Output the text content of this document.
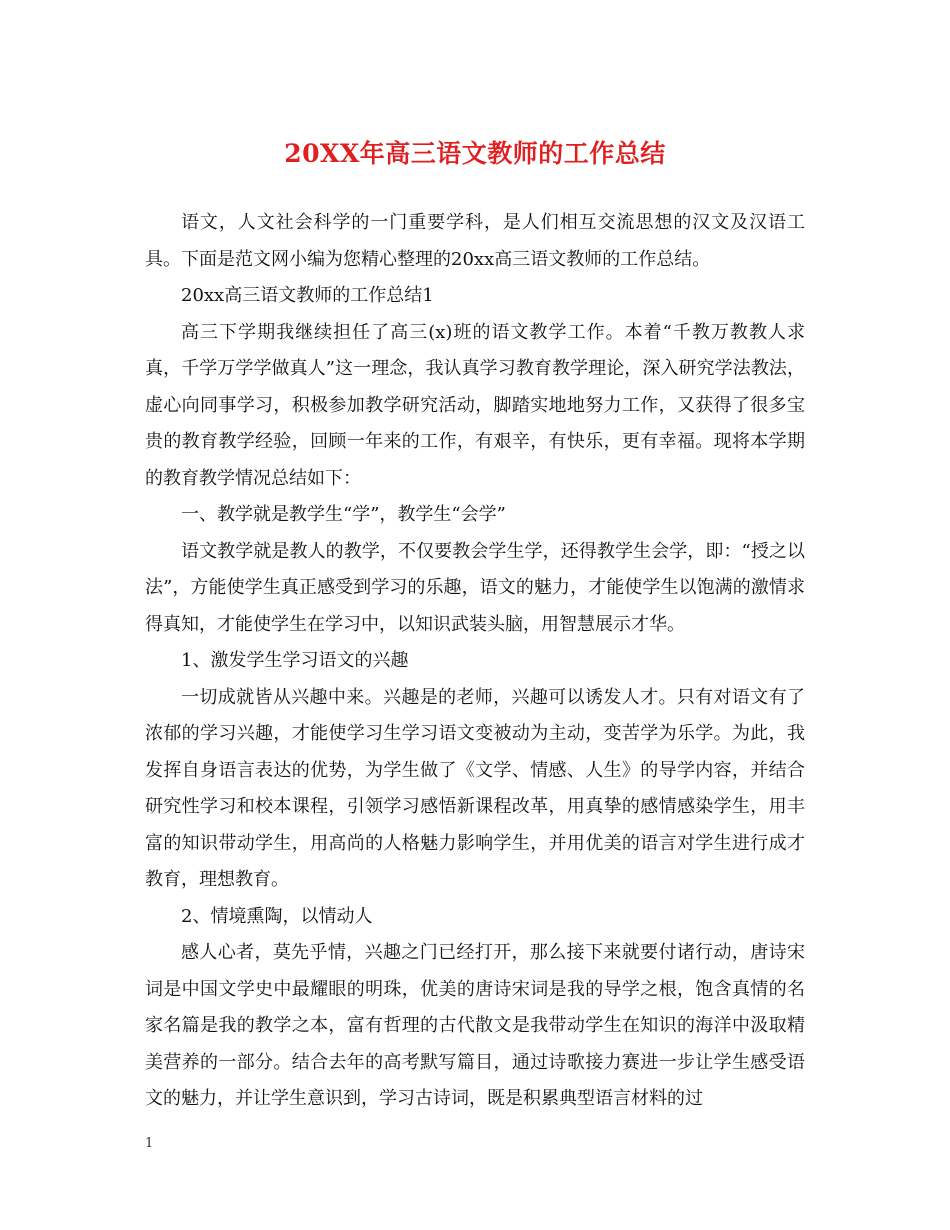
20XX年高三语文教师的工作总结

语文，人文社会科学的一门重要学科，是人们相互交流思想的汉文及汉语工具。下面是范文网小编为您精心整理的20xx高三语文教师的工作总结。

20xx高三语文教师的工作总结1

高三下学期我继续担任了高三(x)班的语文教学工作。本着“千教万教教人求真，千学万学学做真人”这一理念，我认真学习教育教学理论，深入研究学法教法，虚心向同事学习，积极参加教学研究活动，脚踏实地地努力工作，又获得了很多宝贵的教育教学经验，回顾一年来的工作，有艰辛，有快乐，更有幸福。现将本学期的教育教学情况总结如下：

一、教学就是教学生“学”，教学生“会学”

语文教学就是教人的教学，不仅要教会学生学，还得教学生会学，即：“授之以法”，方能使学生真正感受到学习的乐趣，语文的魅力，才能使学生以饱满的激情求得真知，才能使学生在学习中，以知识武装头脑，用智慧展示才华。

1、激发学生学习语文的兴趣

一切成就皆从兴趣中来。兴趣是的老师，兴趣可以诱发人才。只有对语文有了浓郁的学习兴趣，才能使学习生学习语文变被动为主动，变苦学为乐学。为此，我发挥自身语言表达的优势，为学生做了《文学、情感、人生》的导学内容，并结合研究性学习和校本课程，引领学习感悟新课程改革，用真挚的感情感染学生，用丰富的知识带动学生，用高尚的人格魅力影响学生，并用优美的语言对学生进行成才教育，理想教育。

2、情境熏陶，以情动人

感人心者，莫先乎情，兴趣之门已经打开，那么接下来就要付诸行动，唐诗宋词是中国文学史中最耀眼的明珠，优美的唐诗宋词是我的导学之根，饱含真情的名家名篇是我的教学之本，富有哲理的古代散文是我带动学生在知识的海洋中汲取精美营养的一部分。结合去年的高考默写篇目，通过诗歌接力赛进一步让学生感受语文的魅力，并让学生意识到，学习古诗词，既是积累典型语言材料的过

1
